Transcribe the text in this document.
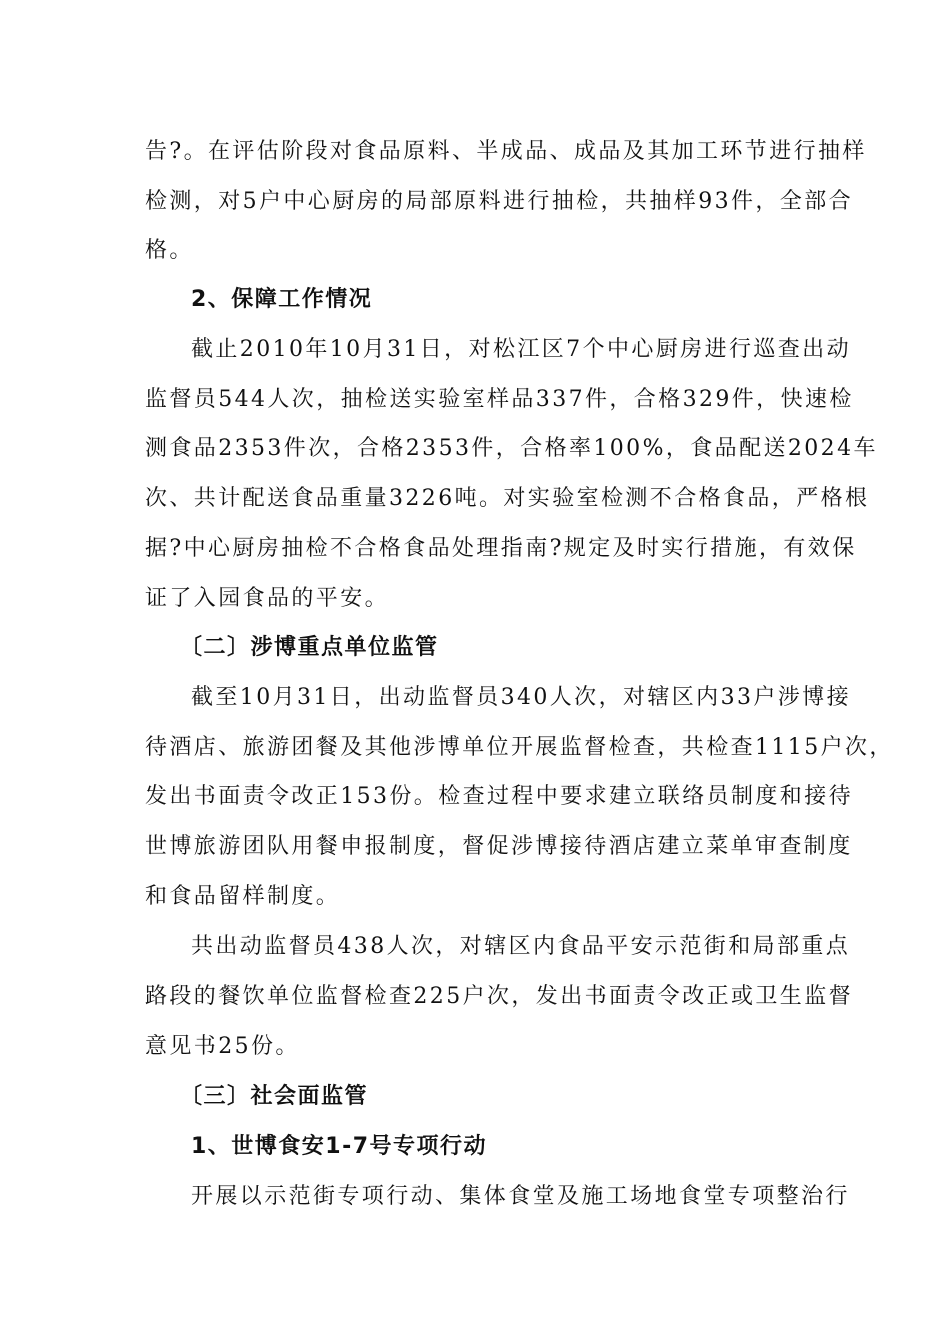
告?。在评估阶段对食品原料、半成品、成品及其加工环节进行抽样
检测，对5户中心厨房的局部原料进行抽检，共抽样93件，全部合
格。
2、保障工作情况
截止2010年10月31日，对松江区7个中心厨房进行巡查出动
监督员544人次，抽检送实验室样品337件，合格329件，快速检
测食品2353件次，合格2353件，合格率100%，食品配送2024车
次、共计配送食品重量3226吨。对实验室检测不合格食品，严格根
据?中心厨房抽检不合格食品处理指南?规定及时实行措施，有效保
证了入园食品的平安。
〔二〕涉博重点单位监管
截至10月31日，出动监督员340人次，对辖区内33户涉博接
待酒店、旅游团餐及其他涉博单位开展监督检查，共检查1115户次，
发出书面责令改正153份。检查过程中要求建立联络员制度和接待
世博旅游团队用餐申报制度，督促涉博接待酒店建立菜单审查制度
和食品留样制度。
共出动监督员438人次，对辖区内食品平安示范街和局部重点
路段的餐饮单位监督检查225户次，发出书面责令改正或卫生监督
意见书25份。
〔三〕社会面监管
1、世博食安1-7号专项行动
开展以示范街专项行动、集体食堂及施工场地食堂专项整治行
